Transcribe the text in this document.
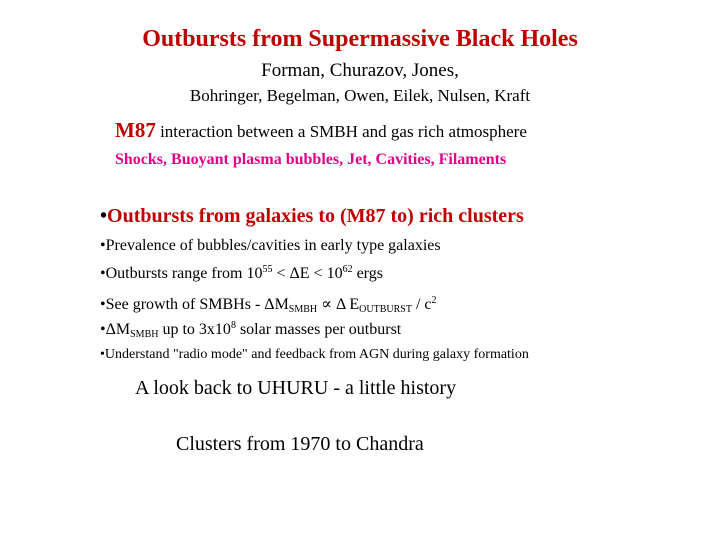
Outbursts from Supermassive Black Holes
Forman, Churazov, Jones,
Bohringer, Begelman, Owen, Eilek, Nulsen, Kraft
M87 interaction between a SMBH and gas rich atmosphere
Shocks, Buoyant plasma bubbles, Jet, Cavities, Filaments
•Outbursts from galaxies to (M87 to) rich clusters
•Prevalence of bubbles/cavities in early type galaxies
•Outbursts range from $10^{55} < \Delta E < 10^{62}$ ergs
•See growth of SMBHs - $\Delta M_{SMBH} \propto \Delta$ $E_{OUTBURST} / c^2$
$•\Delta M_{SMBH}$ up to $3x10^8$ solar masses per outburst
•Understand "radio mode" and feedback from AGN during galaxy formation
A look back to UHURU - a little history
Clusters from 1970 to Chandra
